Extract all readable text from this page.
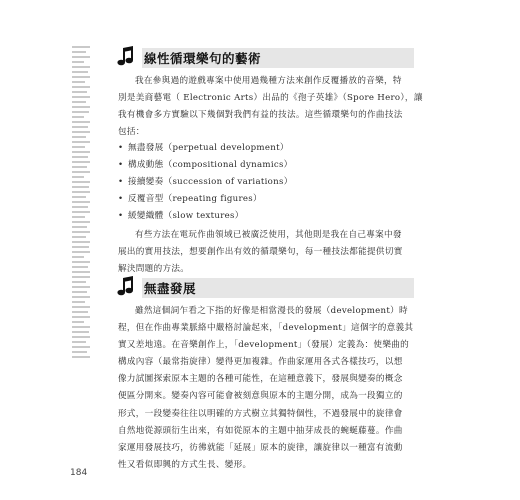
線性循環樂句的藝術
我在參與過的遊戲專案中使用過幾種方法來創作反覆播放的音樂，特
別是美商藝電（ Electronic Arts）出品的《孢子英雄》（Spore Hero），讓
我有機會多方實驗以下幾個對我們有益的技法。這些循環樂句的作曲技法
包括：
• 無盡發展（perpetual development）
• 構成動態（compositional dynamics）
• 接續變奏（succession of variations）
• 反覆音型（repeating figures）
• 緩變織體（slow textures）
有些方法在電玩作曲領域已被廣泛使用，其他則是我在自己專案中發
展出的實用技法，想要創作出有效的循環樂句，每一種技法都能提供切實
解決問題的方法。
無盡發展
雖然這個詞乍看之下指的好像是相當漫長的發展（development）時
程，但在作曲專業脈絡中嚴格討論起來，「development」這個字的意義其
實又差地遠。在音樂創作上，「development」（發展）定義為：使樂曲的
構成內容（最常指旋律）變得更加複雜。作曲家運用各式各樣技巧，以想
像力試圖探索原本主題的各種可能性，在這種意義下，發展與變奏的概念
便區分開來。變奏內容可能會被刻意與原本的主題分開，成為一段獨立的
形式，一段變奏往往以明確的方式樹立其獨特個性，不過發展中的旋律會
自然地從源頭衍生出來，有如從原本的主題中抽芽成長的蜿蜒藤蔓。作曲
家運用發展技巧，彷彿就能「延展」原本的旋律，讓旋律以一種富有流動
性又看似即興的方式生長、變形。
184
